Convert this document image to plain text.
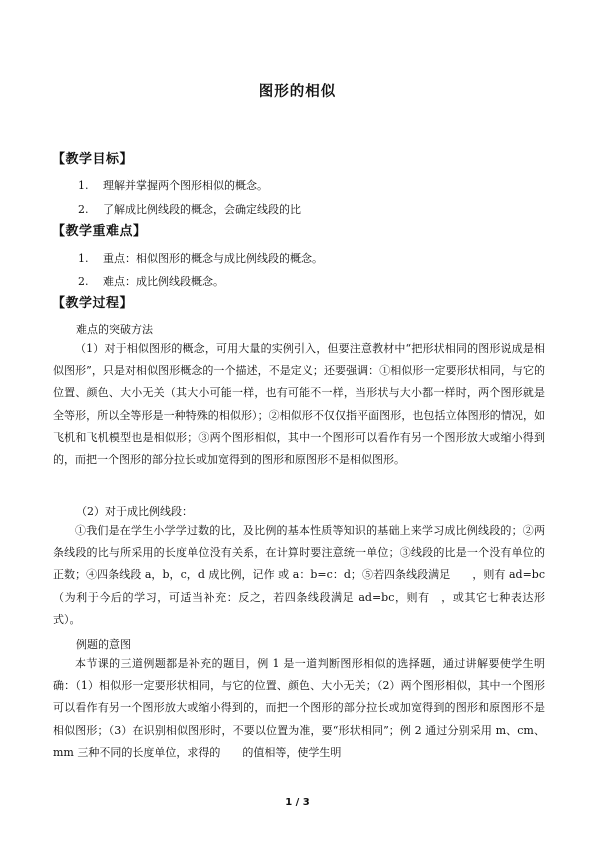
图形的相似
【教学目标】
1. 理解并掌握两个图形相似的概念。
2. 了解成比例线段的概念，会确定线段的比
【教学重难点】
1. 重点：相似图形的概念与成比例线段的概念。
2. 难点：成比例线段概念。
【教学过程】
难点的突破方法
（1）对于相似图形的概念，可用大量的实例引入，但要注意教材中“把形状相同的图形说成是相似图形”，只是对相似图形概念的一个描述，不是定义；还要强调：①相似形一定要形状相同，与它的位置、颜色、大小无关（其大小可能一样，也有可能不一样，当形状与大小都一样时，两个图形就是全等形，所以全等形是一种特殊的相似形）；②相似形不仅仅指平面图形，也包括立体图形的情况，如飞机和飞机模型也是相似形；③两个图形相似，其中一个图形可以看作有另一个图形放大或缩小得到的，而把一个图形的部分拉长或加宽得到的图形和原图形不是相似图形。
（2）对于成比例线段：
①我们是在学生小学学过数的比，及比例的基本性质等知识的基础上来学习成比例线段的；②两条线段的比与所采用的长度单位没有关系，在计算时要注意统一单位；③线段的比是一个没有单位的正数；④四条线段 a，b，c，d 成比例，记作 或 a：b=c：d；⑤若四条线段满足　　，则有 ad=bc（为利于今后的学习，可适当补充：反之，若四条线段满足 ad=bc，则有　，或其它七种表达形式）。
例题的意图
本节课的三道例题都是补充的题目，例 1 是一道判断图形相似的选择题，通过讲解要使学生明确：（1）相似形一定要形状相同，与它的位置、颜色、大小无关；（2）两个图形相似，其中一个图形可以看作有另一个图形放大或缩小得到的，而把一个图形的部分拉长或加宽得到的图形和原图形不是相似图形；（3）在识别相似图形时，不要以位置为准，要“形状相同”；例 2 通过分别采用 m、cm、mm 三种不同的长度单位，求得的　　的值相等，使学生明
1 / 3
